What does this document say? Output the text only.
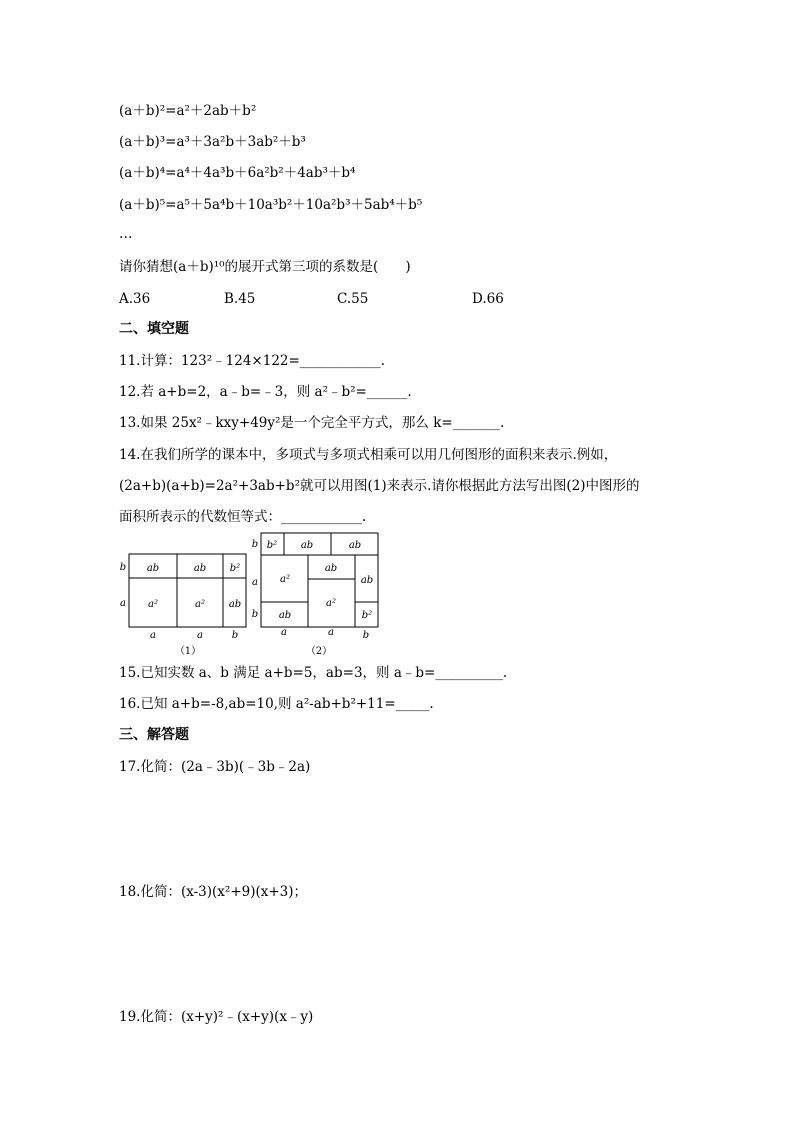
(a＋b)²=a²＋2ab＋b²
(a＋b)³=a³＋3a²b＋3ab²＋b³
(a＋b)⁴=a⁴＋4a³b＋6a²b²＋4ab³＋b⁴
(a＋b)⁵=a⁵＋5a⁴b＋10a³b²＋10a²b³＋5ab⁴＋b⁵
…
请你猜想(a＋b)¹⁰的展开式第三项的系数是(　　)
A.36	B.45	C.55	D.66
二、填空题
11.计算：123²﹣124×122=____________.
12.若 a+b=2，a﹣b=﹣3，则 a²﹣b²=______.
13.如果 25x²﹣kxy+49y²是一个完全平方式，那么 k=_______.
14.在我们所学的课本中，多项式与多项式相乘可以用几何图形的面积来表示.例如，
(2a+b)(a+b)=2a²+3ab+b²就可以用图(1)来表示.请你根据此方法写出图(2)中图形的
面积所表示的代数恒等式：____________.
b
a
ab	ab b²
a²	a² ab
a	a	b
b
a
b
b² ab	ab
a²
ab
ab
a²
ab
b²
a	a	b
（1）	（2）
15.已知实数 a、b 满足 a+b=5，ab=3，则 a﹣b=__________.
16.已知 a+b=-8,ab=10,则 a²-ab+b²+11=_____.
三、解答题
17.化简：(2a﹣3b)(﹣3b﹣2a)
18.化简：(x-3)(x²+9)(x+3)；
19.化简：(x+y)²﹣(x+y)(x﹣y)
